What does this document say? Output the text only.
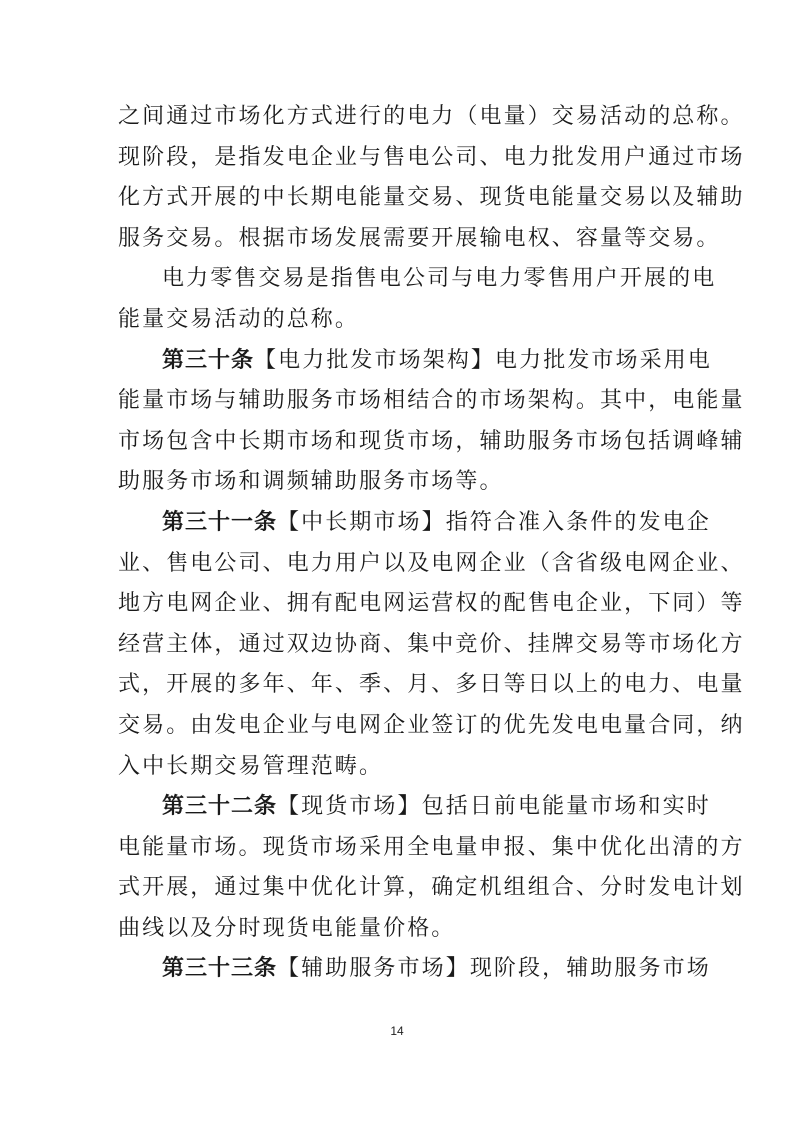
之间通过市场化方式进行的电力（电量）交易活动的总称。
现阶段，是指发电企业与售电公司、电力批发用户通过市场
化方式开展的中长期电能量交易、现货电能量交易以及辅助
服务交易。根据市场发展需要开展输电权、容量等交易。
电力零售交易是指售电公司与电力零售用户开展的电
能量交易活动的总称。
第三十条【电力批发市场架构】电力批发市场采用电
能量市场与辅助服务市场相结合的市场架构。其中，电能量
市场包含中长期市场和现货市场，辅助服务市场包括调峰辅
助服务市场和调频辅助服务市场等。
第三十一条【中长期市场】指符合准入条件的发电企
业、售电公司、电力用户以及电网企业（含省级电网企业、
地方电网企业、拥有配电网运营权的配售电企业，下同）等
经营主体，通过双边协商、集中竞价、挂牌交易等市场化方
式，开展的多年、年、季、月、多日等日以上的电力、电量
交易。由发电企业与电网企业签订的优先发电电量合同，纳
入中长期交易管理范畴。
第三十二条【现货市场】包括日前电能量市场和实时
电能量市场。现货市场采用全电量申报、集中优化出清的方
式开展，通过集中优化计算，确定机组组合、分时发电计划
曲线以及分时现货电能量价格。
第三十三条【辅助服务市场】现阶段，辅助服务市场
14
